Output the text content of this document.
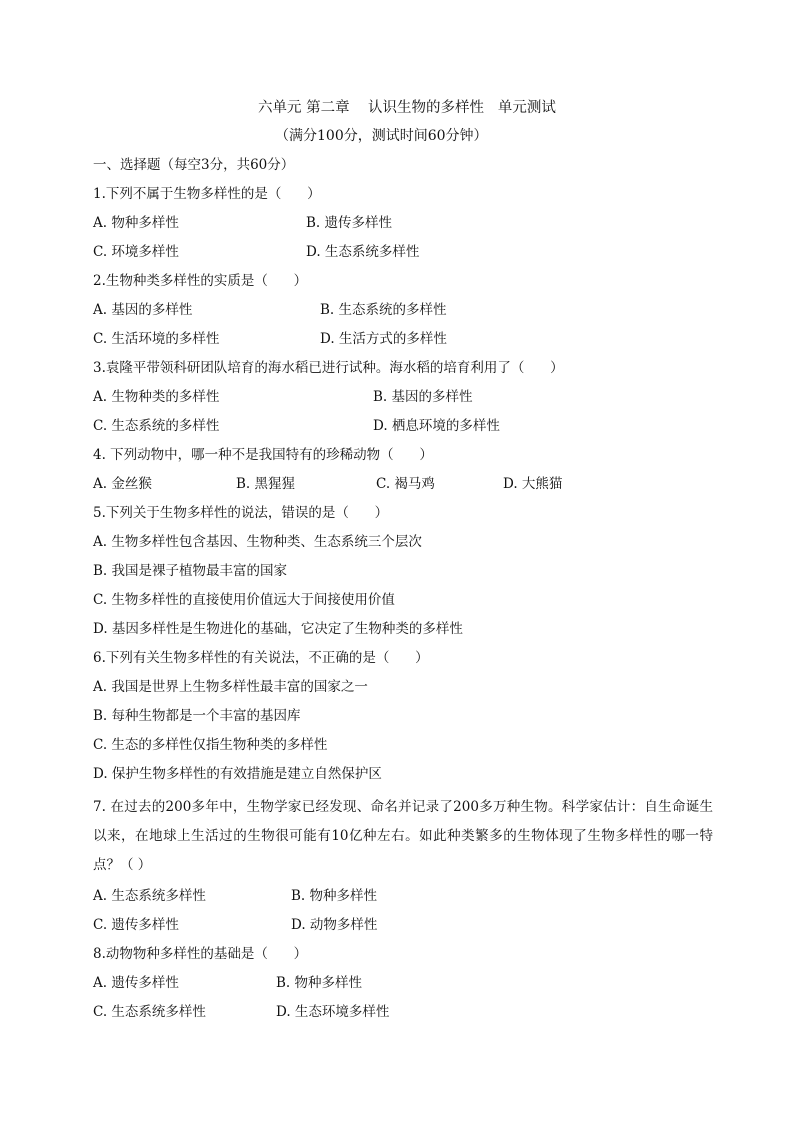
六单元 第二章    认识生物的多样性   单元测试
（满分100分，测试时间60分钟）
一、选择题（每空3分，共60分）
1.下列不属于生物多样性的是（      ）
A. 物种多样性	B. 遗传多样性
C. 环境多样性	D. 生态系统多样性
2.生物种类多样性的实质是（      ）
A. 基因的多样性	B. 生态系统的多样性
C. 生活环境的多样性	D. 生活方式的多样性
3.袁隆平带领科研团队培育的海水稻已进行试种。海水稻的培育利用了（      ）
A. 生物种类的多样性	B. 基因的多样性
C. 生态系统的多样性	D. 栖息环境的多样性
4. 下列动物中，哪一种不是我国特有的珍稀动物（      ）
A. 金丝猴	B. 黑猩猩	C. 褐马鸡	D. 大熊猫
5.下列关于生物多样性的说法，错误的是（      ）
A. 生物多样性包含基因、生物种类、生态系统三个层次
B. 我国是裸子植物最丰富的国家
C. 生物多样性的直接使用价值远大于间接使用价值
D. 基因多样性是生物进化的基础，它决定了生物种类的多样性
6.下列有关生物多样性的有关说法，不正确的是（      ）
A. 我国是世界上生物多样性最丰富的国家之一
B. 每种生物都是一个丰富的基因库
C. 生态的多样性仅指生物种类的多样性
D. 保护生物多样性的有效措施是建立自然保护区
7. 在过去的200多年中，生物学家已经发现、命名并记录了200多万种生物。科学家估计：自生命诞生以来，在地球上生活过的生物很可能有10亿种左右。如此种类繁多的生物体现了生物多样性的哪一特点？（ ）
A. 生态系统多样性	B. 物种多样性
C. 遗传多样性	D. 动物多样性
8.动物物种多样性的基础是（      ）
A. 遗传多样性	B. 物种多样性
C. 生态系统多样性	D. 生态环境多样性
